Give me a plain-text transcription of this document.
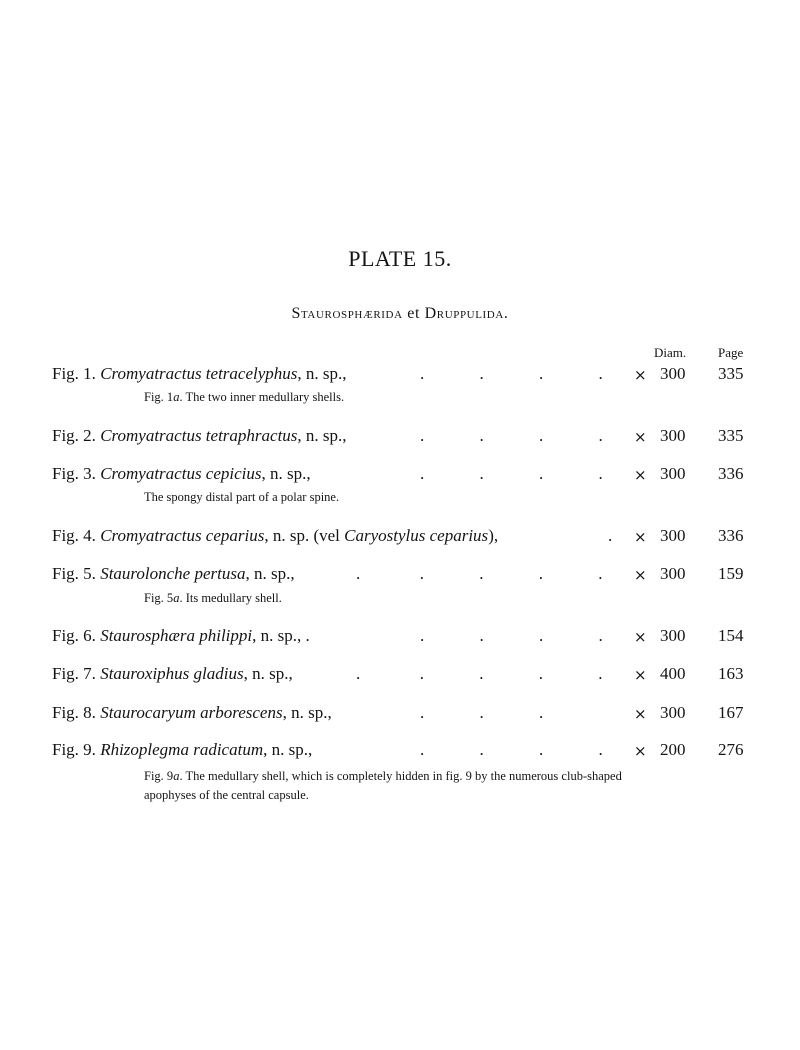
PLATE 15.
Staurosphærida et Druppulida.
Diam. Page
Fig. 1. Cromyatractus tetracelyphus, n. sp.,	.             .             .             . × 300 335
Fig. 1a. The two inner medullary shells.
Fig. 2. Cromyatractus tetraphractus, n. sp.,	.             .             .             . × 300 335
Fig. 3. Cromyatractus cepicius, n. sp.,	.             .             .             . × 300 336
The spongy distal part of a polar spine.
Fig. 4. Cromyatractus ceparius, n. sp. (vel Caryostylus ceparius),	. × 300 336
Fig. 5. Staurolonche pertusa, n. sp.,	.              .             .             .             . × 300 159
Fig. 5a. Its medullary shell.
Fig. 6. Staurosphæra philippi, n. sp., .	.             .             .             . × 300 154
Fig. 7. Stauroxiphus gladius, n. sp.,	.              .             .             .             . × 400 163
Fig. 8. Staurocaryum arborescens, n. sp.,	.             .             .	× 300 167
Fig. 9. Rhizoplegma radicatum, n. sp.,	.             .             .             . × 200 276
Fig. 9a. The medullary shell, which is completely hidden in fig. 9 by the numerous club-shaped apophyses of the central capsule.
